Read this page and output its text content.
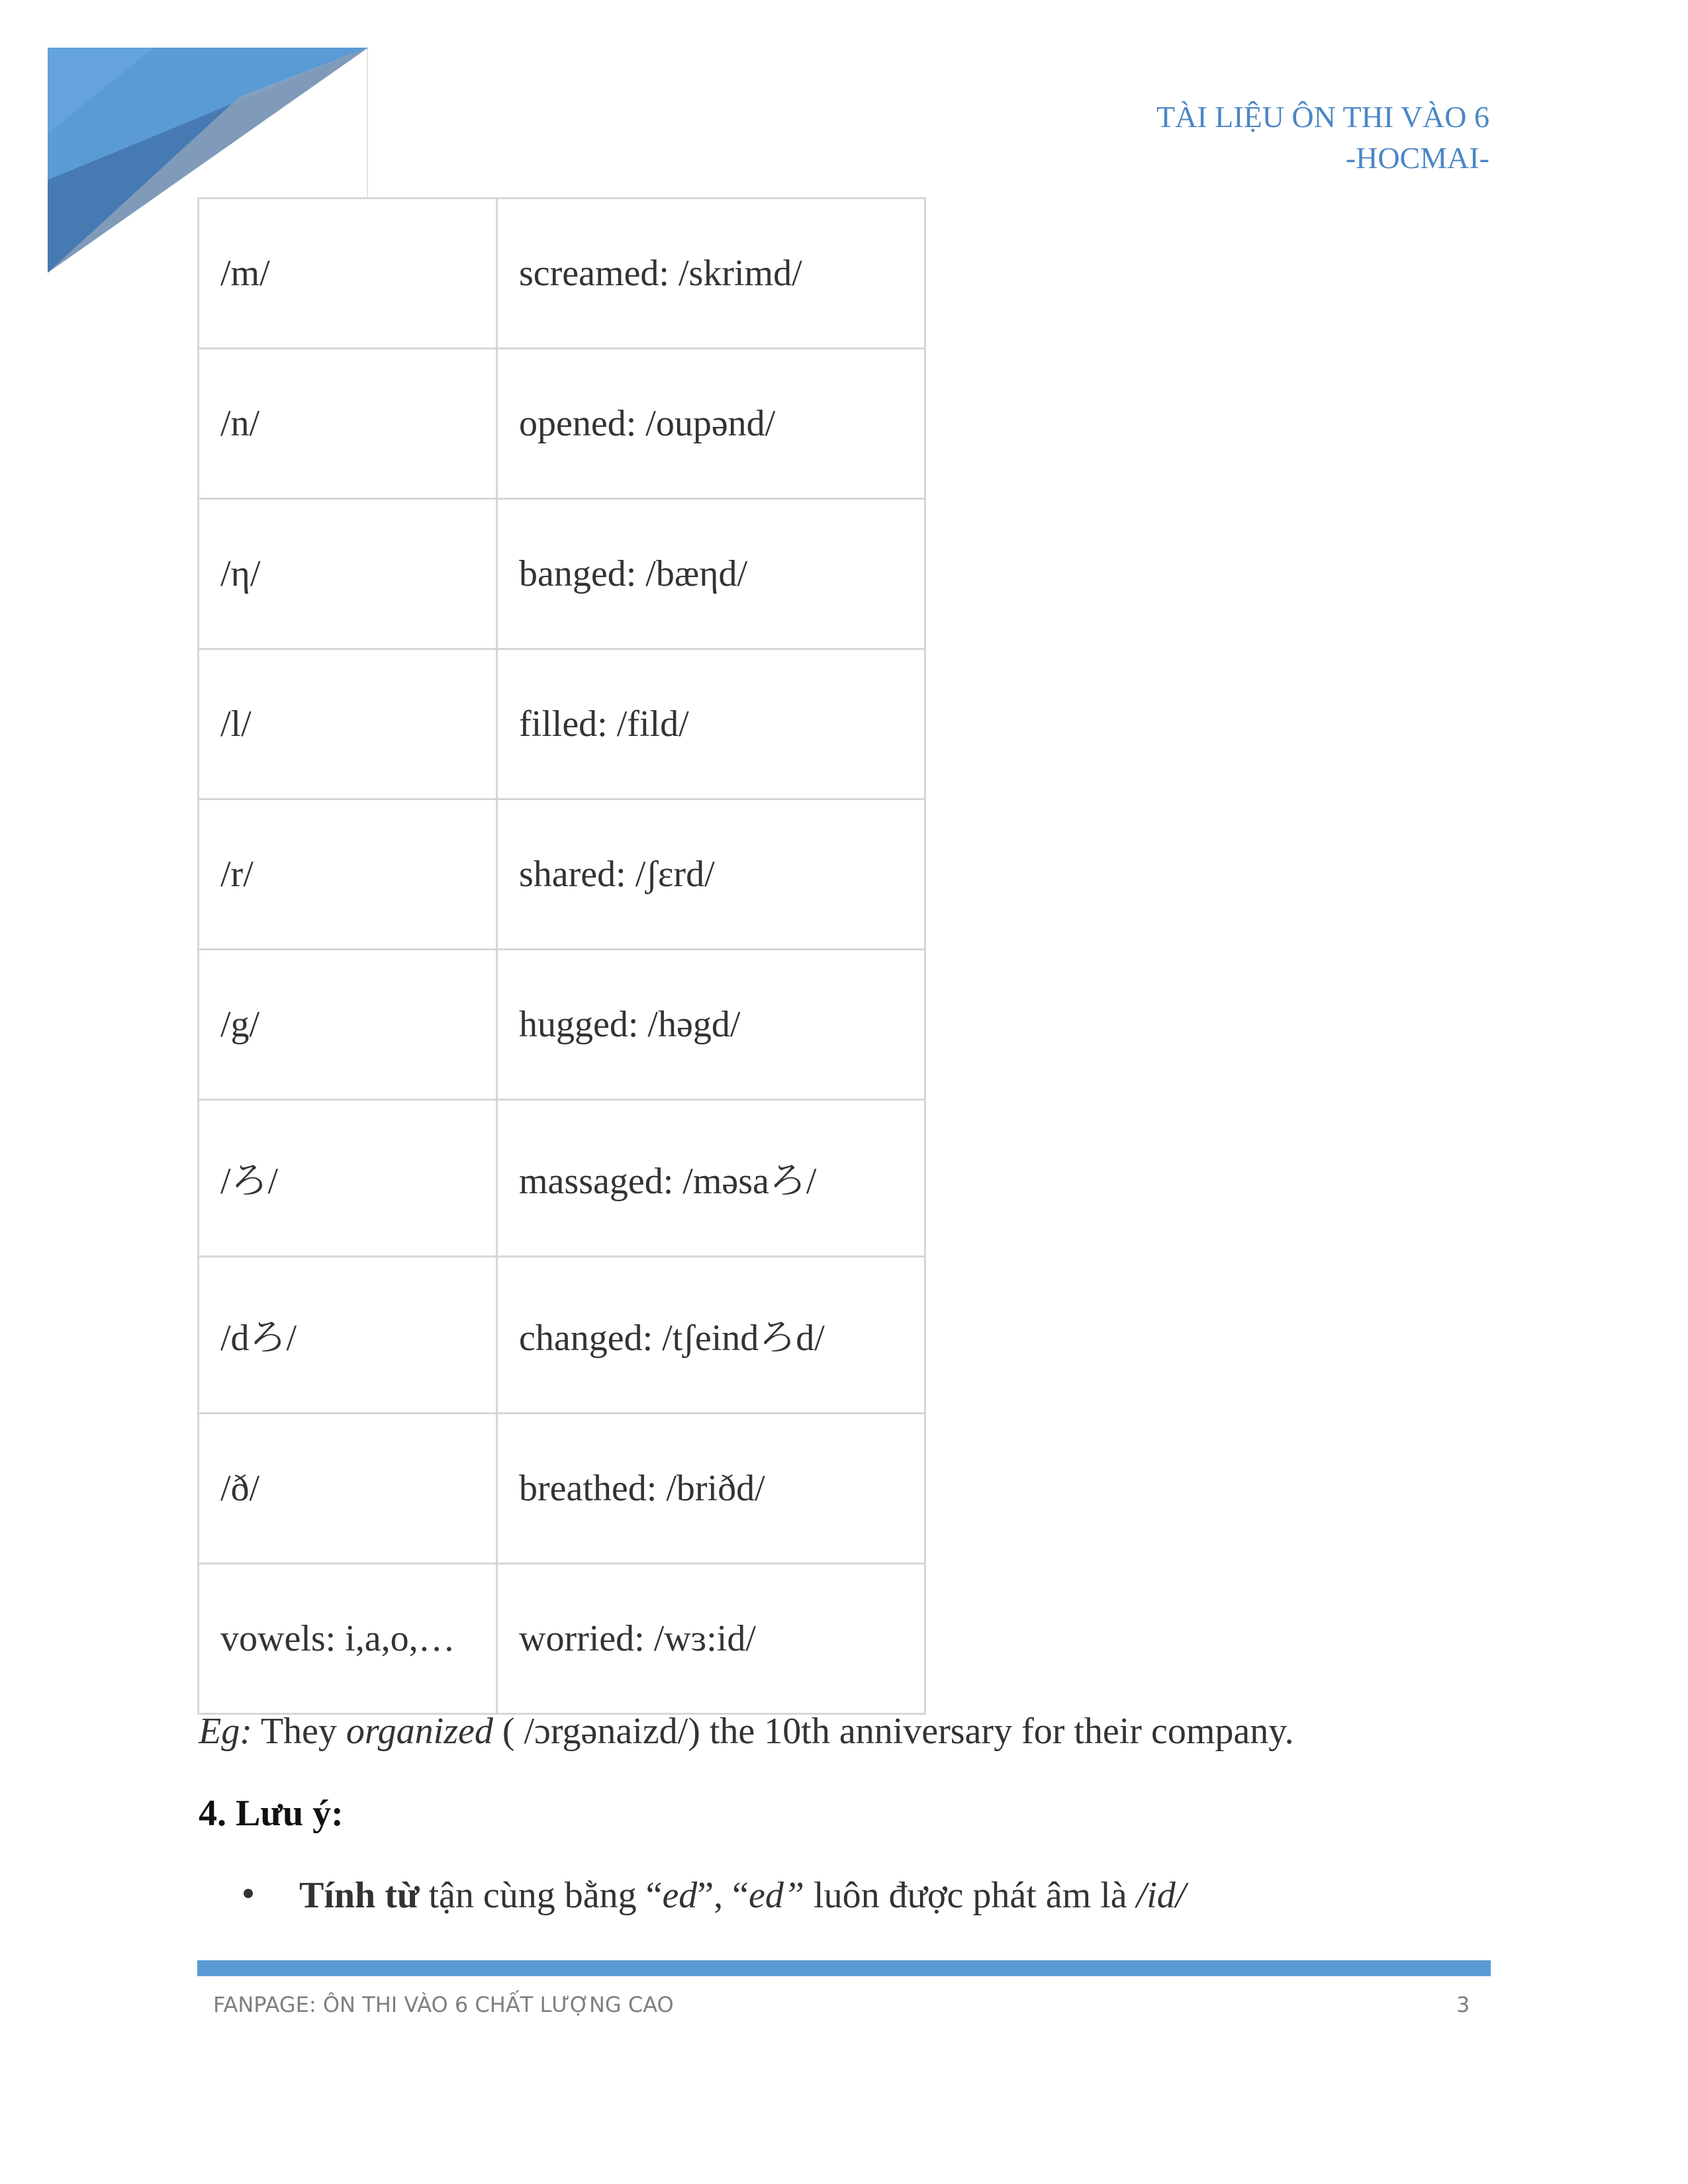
TÀI LIỆU ÔN THI VÀO 6
-HOCMAI-
/m/	screamed: /skrimd/
/n/	opened: /oupənd/
/η/	banged: /bæηd/
/l/	filled: /fild/
/r/	shared: /ʃɛrd/
/g/	hugged: /həgd/
/ろ/	massaged: /məsaろ/
/dろ/	changed: /tʃeindろd/
/ð/	breathed: /briðd/
vowels: i,a,o,…	worried: /wɜ:id/
Eg: They organized ( /ɔrgənaizd/) the 10th anniversary for their company.
4. Lưu ý:
Tính từ tận cùng bằng “ed”, “ed” luôn được phát âm là /id/
FANPAGE: ÔN THI VÀO 6 CHẤT LƯỢNG CAO	3
